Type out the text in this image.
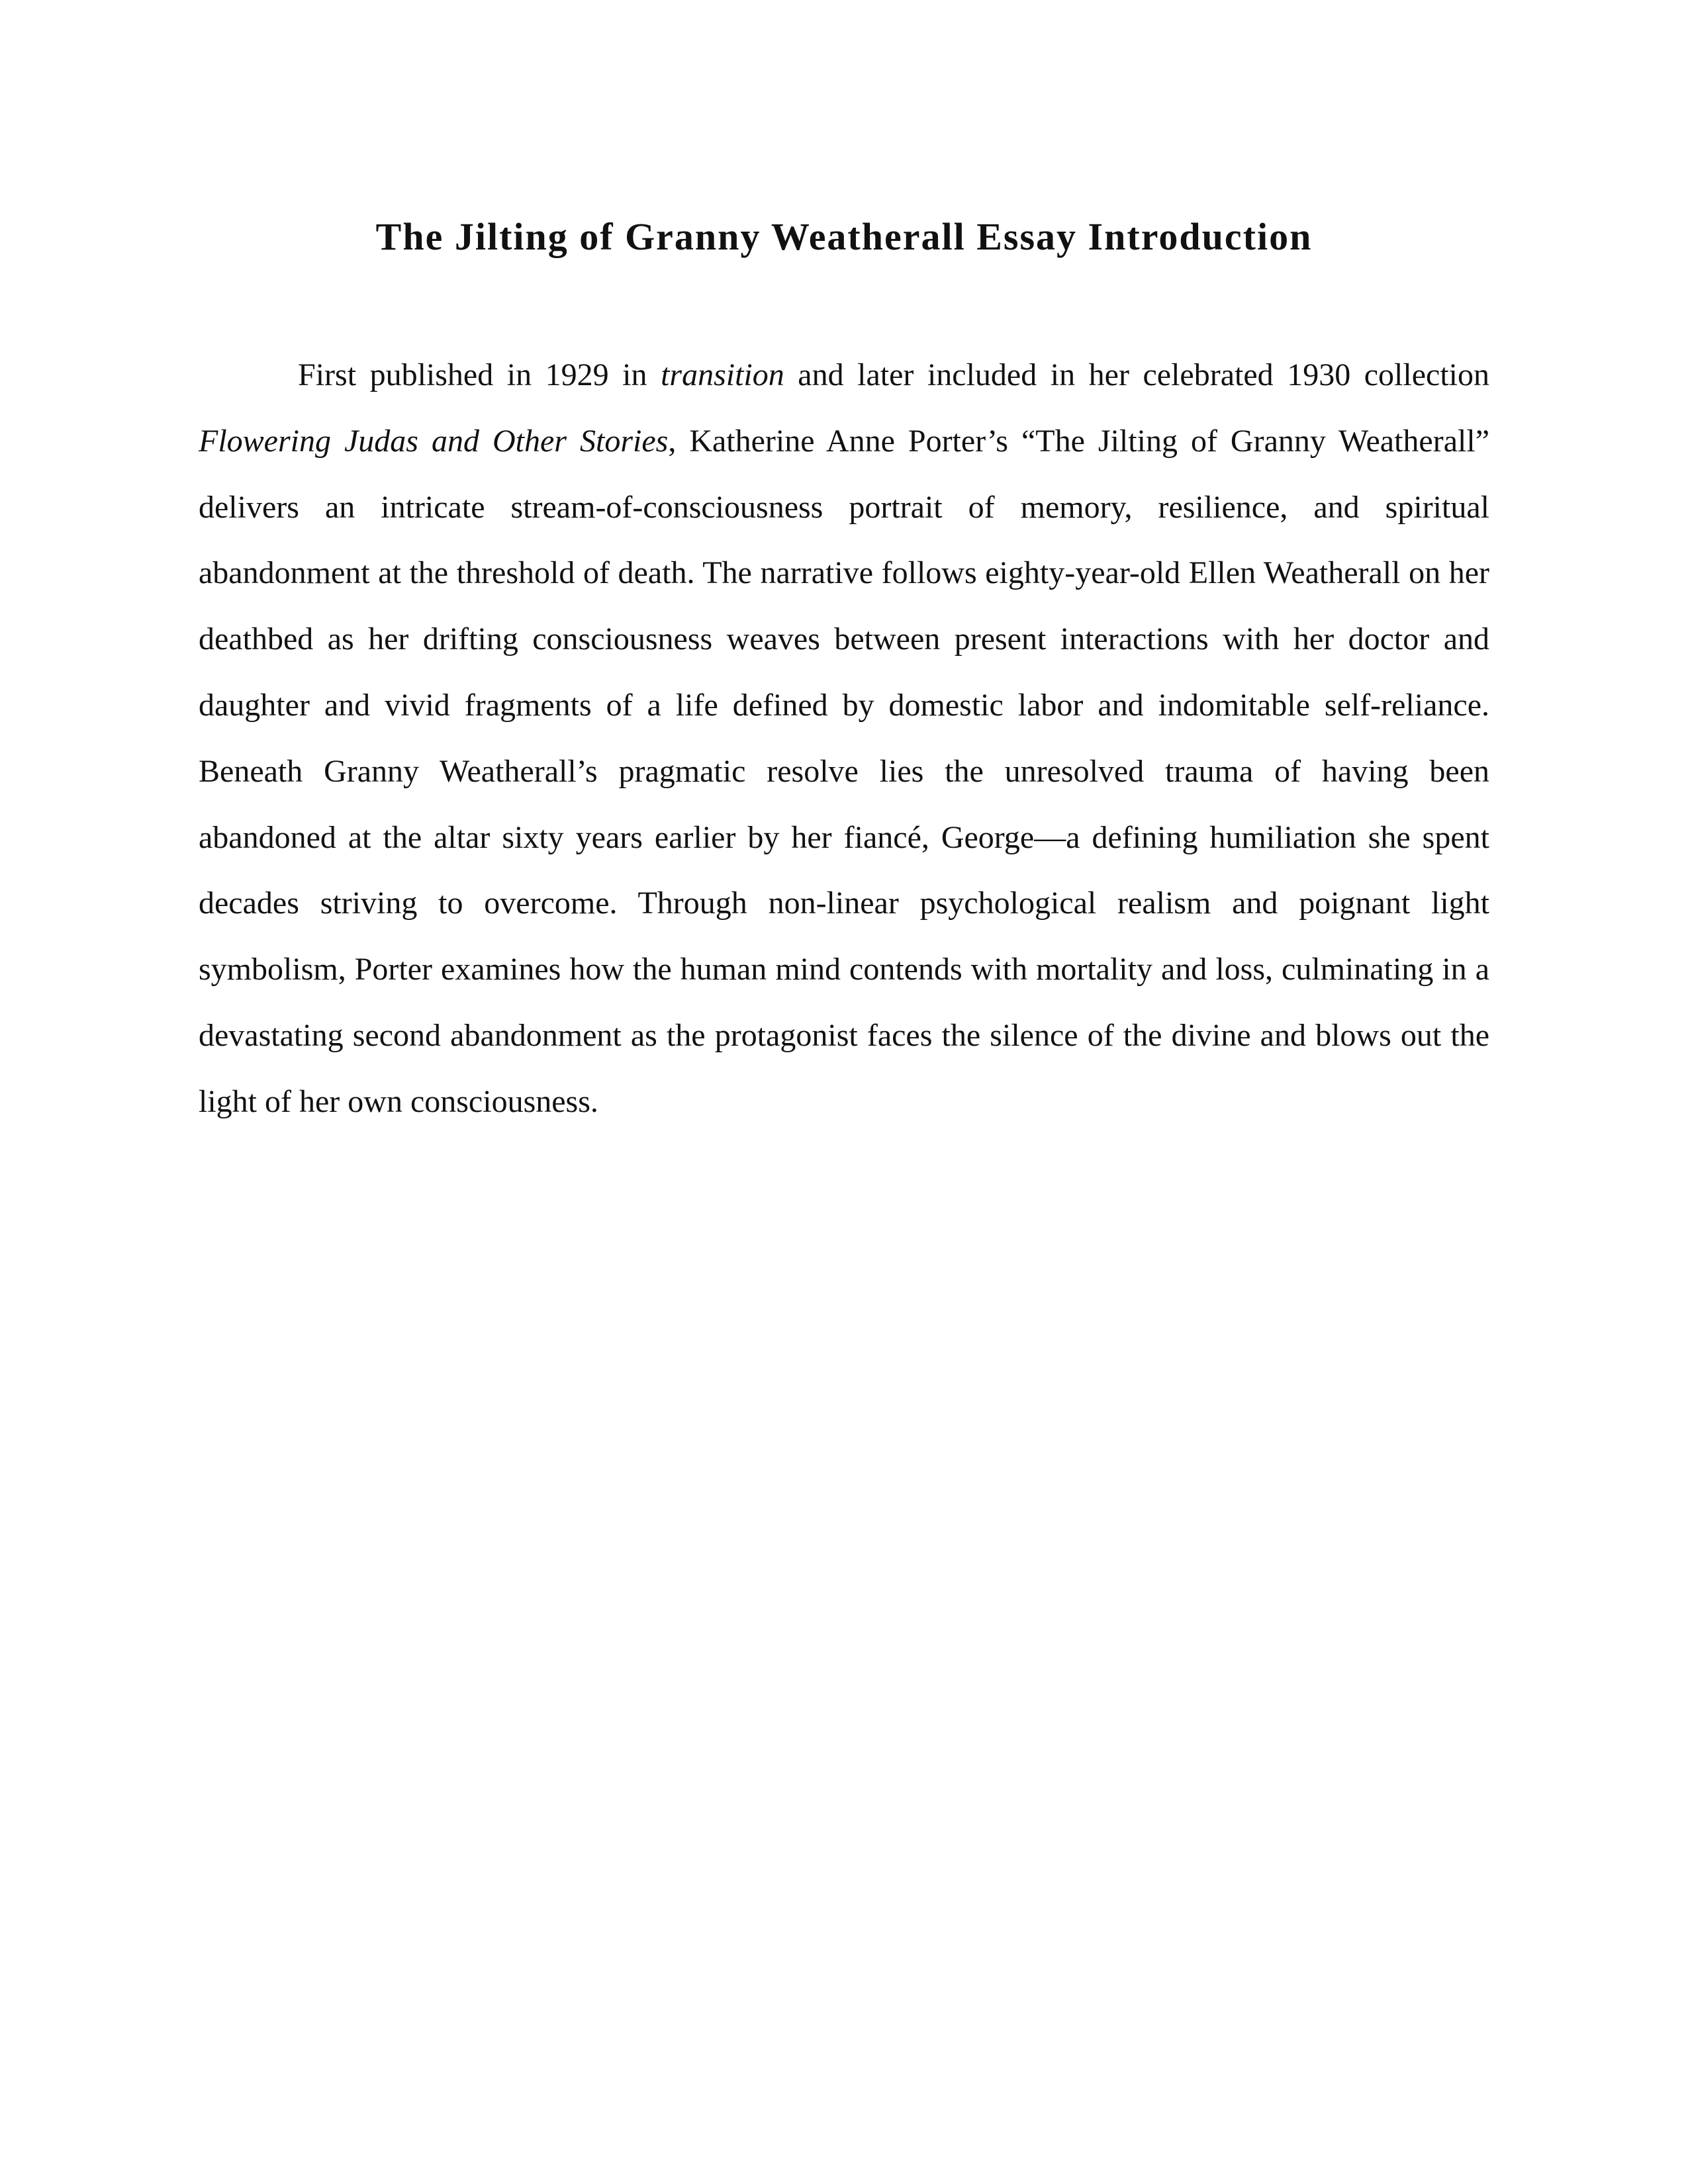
The Jilting of Granny Weatherall Essay Introduction

First published in 1929 in transition and later included in her celebrated 1930 collection Flowering Judas and Other Stories, Katherine Anne Porter’s “The Jilting of Granny Weatherall” delivers an intricate stream-of-consciousness portrait of memory, resilience, and spiritual abandonment at the threshold of death. The narrative follows eighty-year-old Ellen Weatherall on her deathbed as her drifting consciousness weaves between present interactions with her doctor and daughter and vivid fragments of a life defined by domestic labor and indomitable self-reliance. Beneath Granny Weatherall’s pragmatic resolve lies the unresolved trauma of having been abandoned at the altar sixty years earlier by her fiancé, George—a defining humiliation she spent decades striving to overcome. Through non-linear psychological realism and poignant light symbolism, Porter examines how the human mind contends with mortality and loss, culminating in a devastating second abandonment as the protagonist faces the silence of the divine and blows out the light of her own consciousness.
